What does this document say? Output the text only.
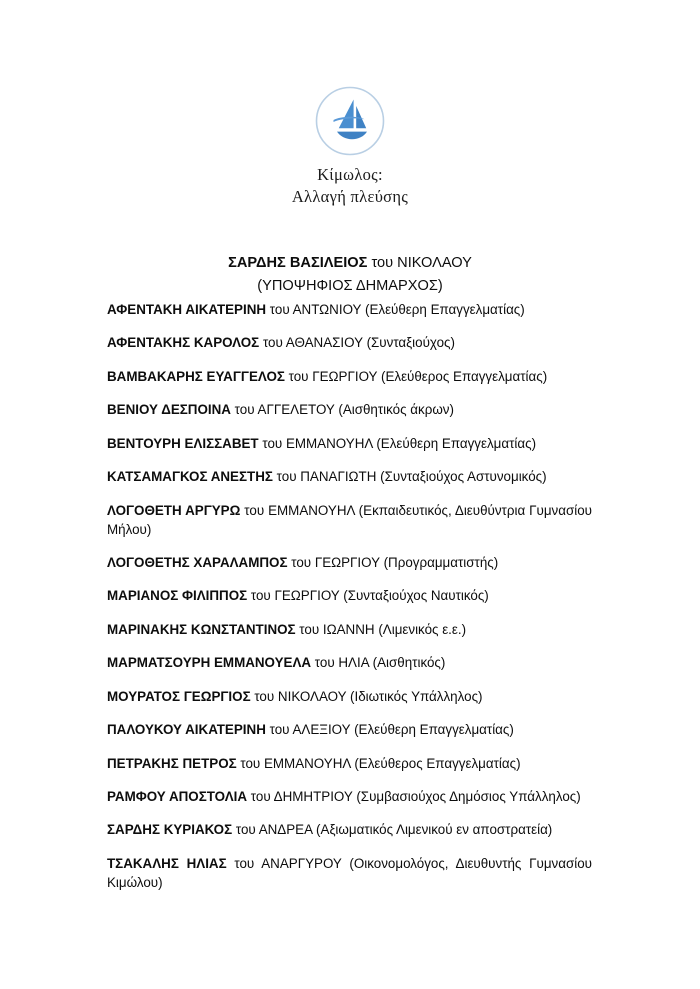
Κίμωλος:
Αλλαγή πλεύσης
ΣΑΡΔΗΣ ΒΑΣΙΛΕΙΟΣ του ΝΙΚΟΛΑΟΥ
(ΥΠΟΨΗΦΙΟΣ ΔΗΜΑΡΧΟΣ)
ΑΦΕΝΤΑΚΗ ΑΙΚΑΤΕΡΙΝΗ του ΑΝΤΩΝΙΟΥ (Ελεύθερη Επαγγελματίας)
ΑΦΕΝΤΑΚΗΣ ΚΑΡΟΛΟΣ του ΑΘΑΝΑΣΙΟΥ (Συνταξιούχος)
ΒΑΜΒΑΚΑΡΗΣ ΕΥΑΓΓΕΛΟΣ του ΓΕΩΡΓΙΟΥ (Ελεύθερος Επαγγελματίας)
ΒΕΝΙΟΥ ΔΕΣΠΟΙΝΑ του ΑΓΓΕΛΕΤΟΥ (Αισθητικός άκρων)
ΒΕΝΤΟΥΡΗ ΕΛΙΣΣΑΒΕΤ του ΕΜΜΑΝΟΥΗΛ (Ελεύθερη Επαγγελματίας)
ΚΑΤΣΑΜΑΓΚΟΣ ΑΝΕΣΤΗΣ του ΠΑΝΑΓΙΩΤΗ (Συνταξιούχος Αστυνομικός)
ΛΟΓΟΘΕΤΗ ΑΡΓΥΡΩ του ΕΜΜΑΝΟΥΗΛ (Εκπαιδευτικός, Διευθύντρια Γυμνασίου Μήλου)
ΛΟΓΟΘΕΤΗΣ ΧΑΡΑΛΑΜΠΟΣ του ΓΕΩΡΓΙΟΥ (Προγραμματιστής)
ΜΑΡΙΑΝΟΣ ΦΙΛΙΠΠΟΣ του ΓΕΩΡΓΙΟΥ (Συνταξιούχος Ναυτικός)
ΜΑΡΙΝΑΚΗΣ ΚΩΝΣΤΑΝΤΙΝΟΣ του ΙΩΑΝΝΗ (Λιμενικός ε.ε.)
ΜΑΡΜΑΤΣΟΥΡΗ ΕΜΜΑΝΟΥΕΛΑ του ΗΛΙΑ (Αισθητικός)
ΜΟΥΡΑΤΟΣ ΓΕΩΡΓΙΟΣ του ΝΙΚΟΛΑΟΥ (Ιδιωτικός Υπάλληλος)
ΠΑΛΟΥΚΟΥ ΑΙΚΑΤΕΡΙΝΗ του ΑΛΕΞΙΟΥ (Ελεύθερη Επαγγελματίας)
ΠΕΤΡΑΚΗΣ ΠΕΤΡΟΣ του ΕΜΜΑΝΟΥΗΛ (Ελεύθερος Επαγγελματίας)
ΡΑΜΦΟΥ ΑΠΟΣΤΟΛΙΑ του ΔΗΜΗΤΡΙΟΥ (Συμβασιούχος Δημόσιος Υπάλληλος)
ΣΑΡΔΗΣ ΚΥΡΙΑΚΟΣ του ΑΝΔΡΕΑ (Αξιωματικός Λιμενικού εν αποστρατεία)
ΤΣΑΚΑΛΗΣ ΗΛΙΑΣ του ΑΝΑΡΓΥΡΟΥ (Οικονομολόγος, Διευθυντής Γυμνασίου Κιμώλου)
